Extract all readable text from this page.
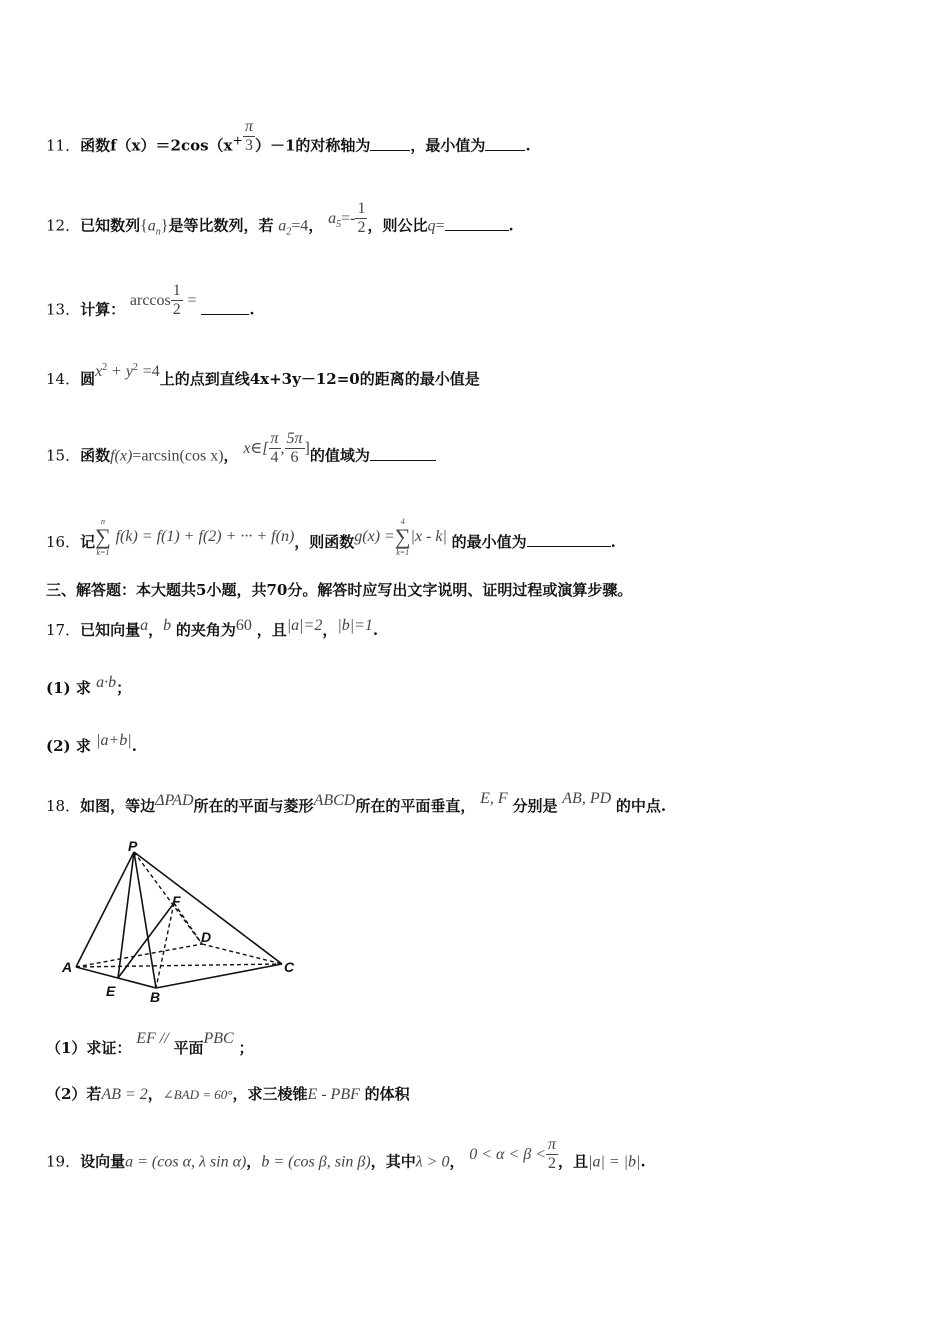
11．函数$f(x)=2\cos(x^+ \frac{\pi}{3} )-1$的对称轴为	，最小值为	.
12．已知数列$\{a_n\}$是等比数列，若 $a_2=4$， $a_5=- \frac{1}{2}$ ，则公比q=	.
13．计算： $\arccos \frac{1}{2}$ = .
14．圆$x^2 + y^2 =4$上的点到直线4x+3y－12=0的距离的最小值是
15．函数f(x)=arcsin(cos x)， x∈[ $\frac{\pi}{4}$ , $\frac{5\pi}{6}$ ]的值域为
16．记
n
∑
k=1
f(k) = f(1) + f(2) + ··· + f(n)，则函数g(x) =
4
∑
k=1
|x - k| 的最小值为	.
三、解答题：本大题共5小题，共70分。解答时应写出文字说明、证明过程或演算步骤。
17．已知向量a，b 的夹角为60 ，且|a|=2，|b|=1.
(1) 求 a·b；
(2) 求 |a+b|.
18．如图，等边ΔPAD所在的平面与菱形ABCD所在的平面垂直， E, F 分别是 AB, PD 的中点.
P
A
E B
C
D
F
（1）求证： EF // 平面PBC ；
（2）若AB = 2，∠BAD = 60°，求三棱锥E - PBF 的体积
19．设向量a = (cos α, λ sin α)，b = (cos β, sin β)，其中λ > 0， $0 < \alpha < \beta < \frac{\pi}{2}$ ，且|a| = |b|.
